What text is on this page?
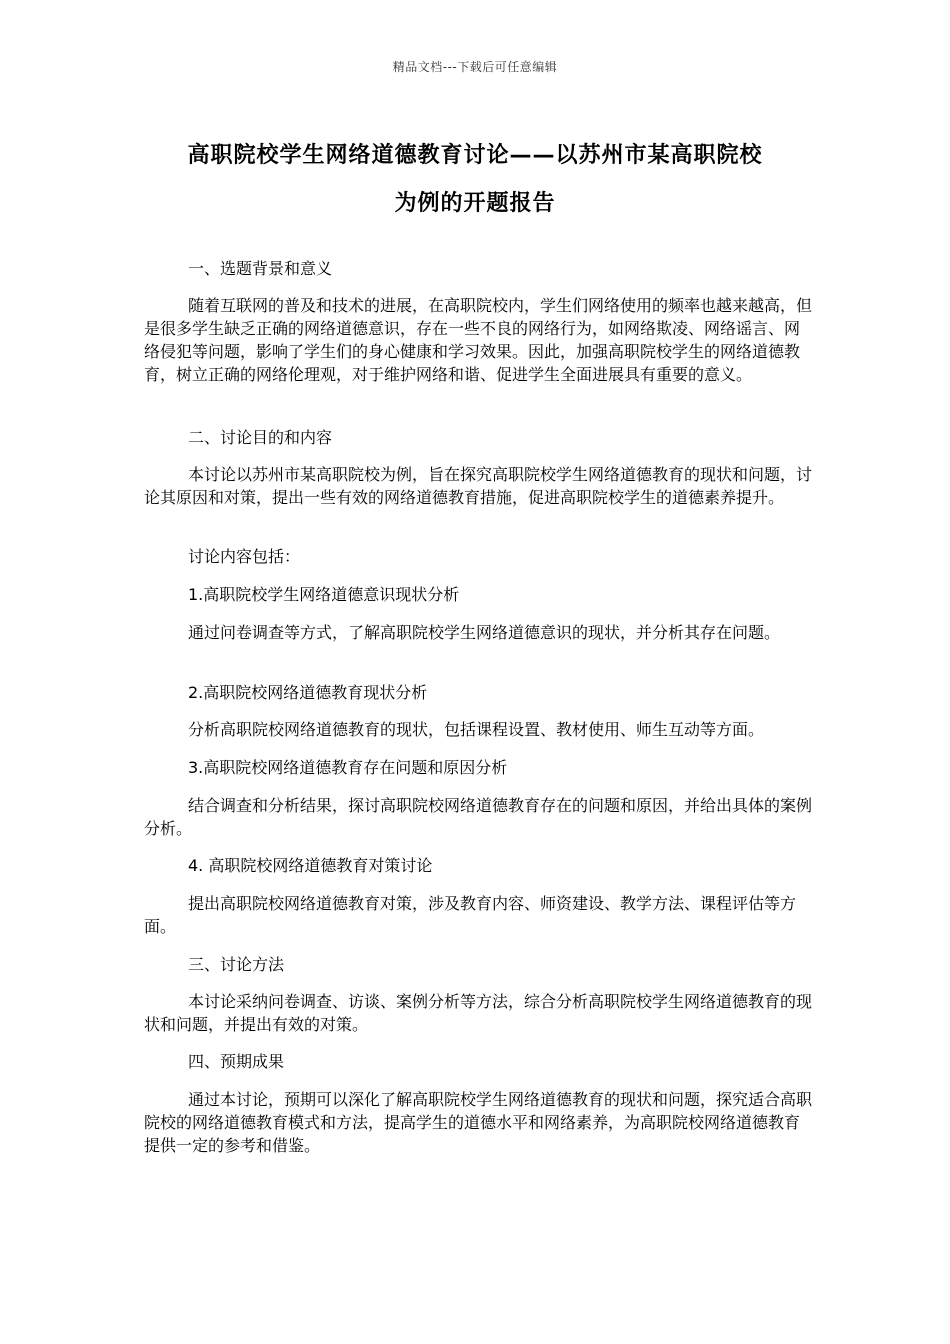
精品文档---下载后可任意编辑
高职院校学生网络道德教育讨论——以苏州市某高职院校
为例的开题报告

一、选题背景和意义

随着互联网的普及和技术的进展，在高职院校内，学生们网络使用的频率也越来越高，但是很多学生缺乏正确的网络道德意识，存在一些不良的网络行为，如网络欺凌、网络谣言、网络侵犯等问题，影响了学生们的身心健康和学习效果。因此，加强高职院校学生的网络道德教育，树立正确的网络伦理观，对于维护网络和谐、促进学生全面进展具有重要的意义。

二、讨论目的和内容

本讨论以苏州市某高职院校为例，旨在探究高职院校学生网络道德教育的现状和问题，讨论其原因和对策，提出一些有效的网络道德教育措施，促进高职院校学生的道德素养提升。

讨论内容包括：

1.高职院校学生网络道德意识现状分析

通过问卷调查等方式，了解高职院校学生网络道德意识的现状，并分析其存在问题。

2.高职院校网络道德教育现状分析

分析高职院校网络道德教育的现状，包括课程设置、教材使用、师生互动等方面。

3.高职院校网络道德教育存在问题和原因分析

结合调查和分析结果，探讨高职院校网络道德教育存在的问题和原因，并给出具体的案例分析。

4. 高职院校网络道德教育对策讨论

提出高职院校网络道德教育对策，涉及教育内容、师资建设、教学方法、课程评估等方面。

三、讨论方法

本讨论采纳问卷调查、访谈、案例分析等方法，综合分析高职院校学生网络道德教育的现状和问题，并提出有效的对策。

四、预期成果

通过本讨论，预期可以深化了解高职院校学生网络道德教育的现状和问题，探究适合高职院校的网络道德教育模式和方法，提高学生的道德水平和网络素养，为高职院校网络道德教育提供一定的参考和借鉴。
